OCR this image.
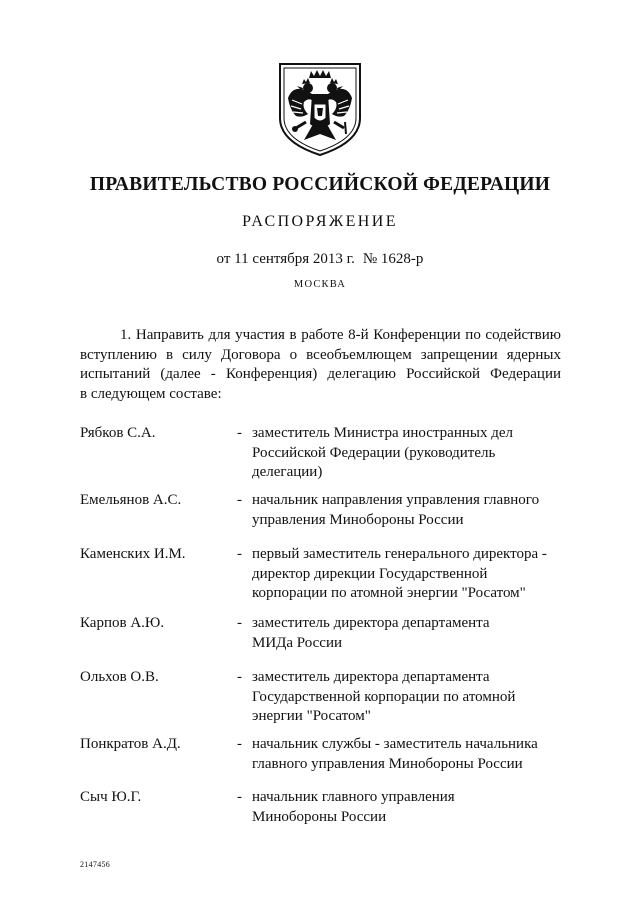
ПРАВИТЕЛЬСТВО РОССИЙСКОЙ ФЕДЕРАЦИИ
РАСПОРЯЖЕНИЕ
от 11 сентября 2013 г. № 1628-р
МОСКВА
1. Направить для участия в работе 8-й Конференции по содействию
вступлению в силу Договора о всеобъемлющем запрещении ядерных
испытаний (далее - Конференция) делегацию Российской Федерации
в следующем составе:
Рябков С.А.	- заместитель Министра иностранных дел
Российской Федерации (руководитель
делегации)
Емельянов А.С.	- начальник направления управления главного
управления Минобороны России
Каменских И.М.	- первый заместитель генерального директора -
директор дирекции Государственной
корпорации по атомной энергии "Росатом"
Карпов А.Ю.	- заместитель директора департамента
МИДа России
Ольхов О.В.	- заместитель директора департамента
Государственной корпорации по атомной
энергии "Росатом"
Понкратов А.Д.	- начальник службы - заместитель начальника
главного управления Минобороны России
Сыч Ю.Г.	- начальник главного управления
Минобороны России
2147456
